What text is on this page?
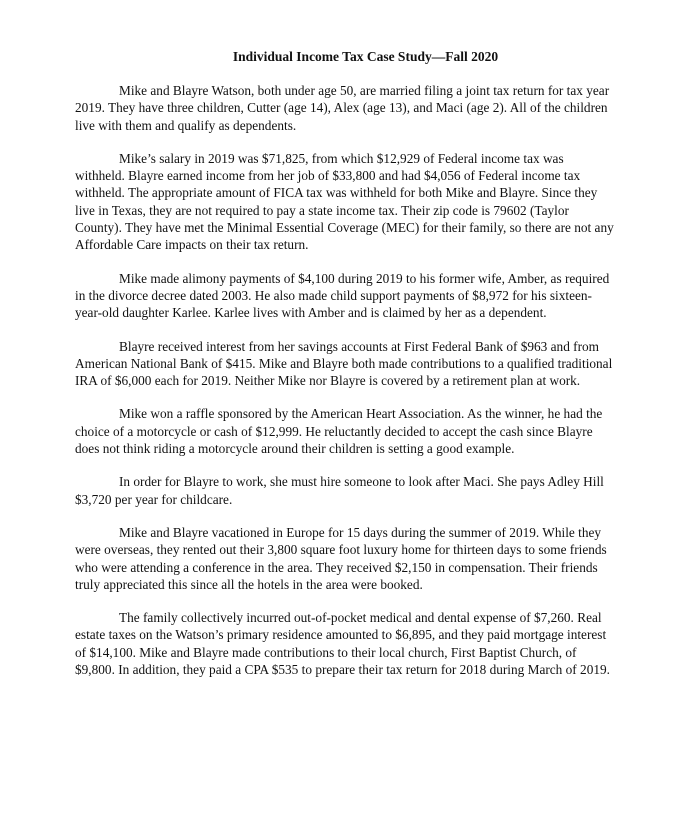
Individual Income Tax Case Study—Fall 2020

Mike and Blayre Watson, both under age 50, are married filing a joint tax return for tax year 2019. They have three children, Cutter (age 14), Alex (age 13), and Maci (age 2). All of the children live with them and qualify as dependents.

Mike’s salary in 2019 was $71,825, from which $12,929 of Federal income tax was withheld. Blayre earned income from her job of $33,800 and had $4,056 of Federal income tax withheld. The appropriate amount of FICA tax was withheld for both Mike and Blayre. Since they live in Texas, they are not required to pay a state income tax. Their zip code is 79602 (Taylor County). They have met the Minimal Essential Coverage (MEC) for their family, so there are not any Affordable Care impacts on their tax return.

Mike made alimony payments of $4,100 during 2019 to his former wife, Amber, as required in the divorce decree dated 2003. He also made child support payments of $8,972 for his sixteen-year-old daughter Karlee. Karlee lives with Amber and is claimed by her as a dependent.

Blayre received interest from her savings accounts at First Federal Bank of $963 and from American National Bank of $415. Mike and Blayre both made contributions to a qualified traditional IRA of $6,000 each for 2019. Neither Mike nor Blayre is covered by a retirement plan at work.

Mike won a raffle sponsored by the American Heart Association. As the winner, he had the choice of a motorcycle or cash of $12,999. He reluctantly decided to accept the cash since Blayre does not think riding a motorcycle around their children is setting a good example.

In order for Blayre to work, she must hire someone to look after Maci. She pays Adley Hill $3,720 per year for childcare.

Mike and Blayre vacationed in Europe for 15 days during the summer of 2019. While they were overseas, they rented out their 3,800 square foot luxury home for thirteen days to some friends who were attending a conference in the area. They received $2,150 in compensation. Their friends truly appreciated this since all the hotels in the area were booked.

The family collectively incurred out-of-pocket medical and dental expense of $7,260. Real estate taxes on the Watson’s primary residence amounted to $6,895, and they paid mortgage interest of $14,100. Mike and Blayre made contributions to their local church, First Baptist Church, of $9,800. In addition, they paid a CPA $535 to prepare their tax return for 2018 during March of 2019.
